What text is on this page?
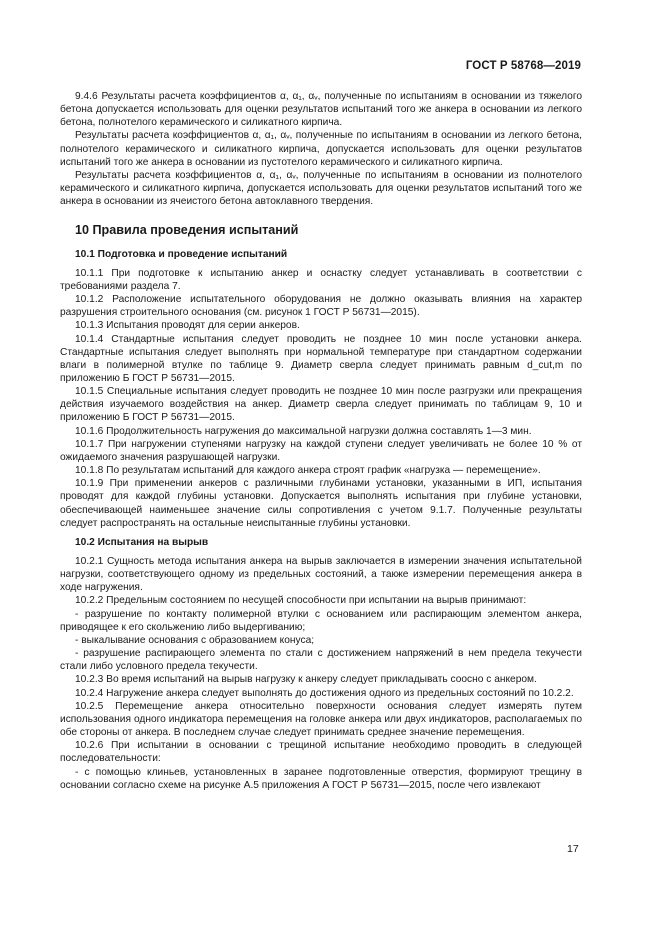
ГОСТ Р 58768—2019

9.4.6 Результаты расчета коэффициентов α, α₁, αᵥ, полученные по испытаниям в основании из тяжелого бетона допускается использовать для оценки результатов испытаний того же анкера в основании из легкого бетона, полнотелого керамического и силикатного кирпича.

Результаты расчета коэффициентов α, α₁, αᵥ, полученные по испытаниям в основании из легкого бетона, полнотелого керамического и силикатного кирпича, допускается использовать для оценки результатов испытаний того же анкера в основании из пустотелого керамического и силикатного кирпича.

Результаты расчета коэффициентов α, α₁, αᵥ, полученные по испытаниям в основании из полнотелого керамического и силикатного кирпича, допускается использовать для оценки результатов испытаний того же анкера в основании из ячеистого бетона автоклавного твердения.

10 Правила проведения испытаний
10.1 Подготовка и проведение испытаний

10.1.1 При подготовке к испытанию анкер и оснастку следует устанавливать в соответствии с требованиями раздела 7.

10.1.2 Расположение испытательного оборудования не должно оказывать влияния на характер разрушения строительного основания (см. рисунок 1 ГОСТ Р 56731—2015).

10.1.3 Испытания проводят для серии анкеров.

10.1.4 Стандартные испытания следует проводить не позднее 10 мин после установки анкера. Стандартные испытания следует выполнять при нормальной температуре при стандартном содержании влаги в полимерной втулке по таблице 9. Диаметр сверла следует принимать равным d_cut,m по приложению Б ГОСТ Р 56731—2015.

10.1.5 Специальные испытания следует проводить не позднее 10 мин после разгрузки или прекращения действия изучаемого воздействия на анкер. Диаметр сверла следует принимать по таблицам 9, 10 и приложению Б ГОСТ Р 56731—2015.

10.1.6 Продолжительность нагружения до максимальной нагрузки должна составлять 1—3 мин.

10.1.7 При нагружении ступенями нагрузку на каждой ступени следует увеличивать не более 10 % от ожидаемого значения разрушающей нагрузки.

10.1.8 По результатам испытаний для каждого анкера строят график «нагрузка — перемещение».

10.1.9 При применении анкеров с различными глубинами установки, указанными в ИП, испытания проводят для каждой глубины установки. Допускается выполнять испытания при глубине установки, обеспечивающей наименьшее значение силы сопротивления с учетом 9.1.7. Полученные результаты следует распространять на остальные неиспытанные глубины установки.

10.2 Испытания на вырыв

10.2.1 Сущность метода испытания анкера на вырыв заключается в измерении значения испытательной нагрузки, соответствующего одному из предельных состояний, а также измерении перемещения анкера в ходе нагружения.

10.2.2 Предельным состоянием по несущей способности при испытании на вырыв принимают:

- разрушение по контакту полимерной втулки с основанием или распирающим элементом анкера, приводящее к его скольжению либо выдергиванию;

- выкалывание основания с образованием конуса;

- разрушение распирающего элемента по стали с достижением напряжений в нем предела текучести стали либо условного предела текучести.

10.2.3 Во время испытаний на вырыв нагрузку к анкеру следует прикладывать соосно с анкером.

10.2.4 Нагружение анкера следует выполнять до достижения одного из предельных состояний по 10.2.2.

10.2.5 Перемещение анкера относительно поверхности основания следует измерять путем использования одного индикатора перемещения на головке анкера или двух индикаторов, располагаемых по обе стороны от анкера. В последнем случае следует принимать среднее значение перемещения.

10.2.6 При испытании в основании с трещиной испытание необходимо проводить в следующей последовательности:

- с помощью клиньев, установленных в заранее подготовленные отверстия, формируют трещину в основании согласно схеме на рисунке А.5 приложения А ГОСТ Р 56731—2015, после чего извлекают

17
